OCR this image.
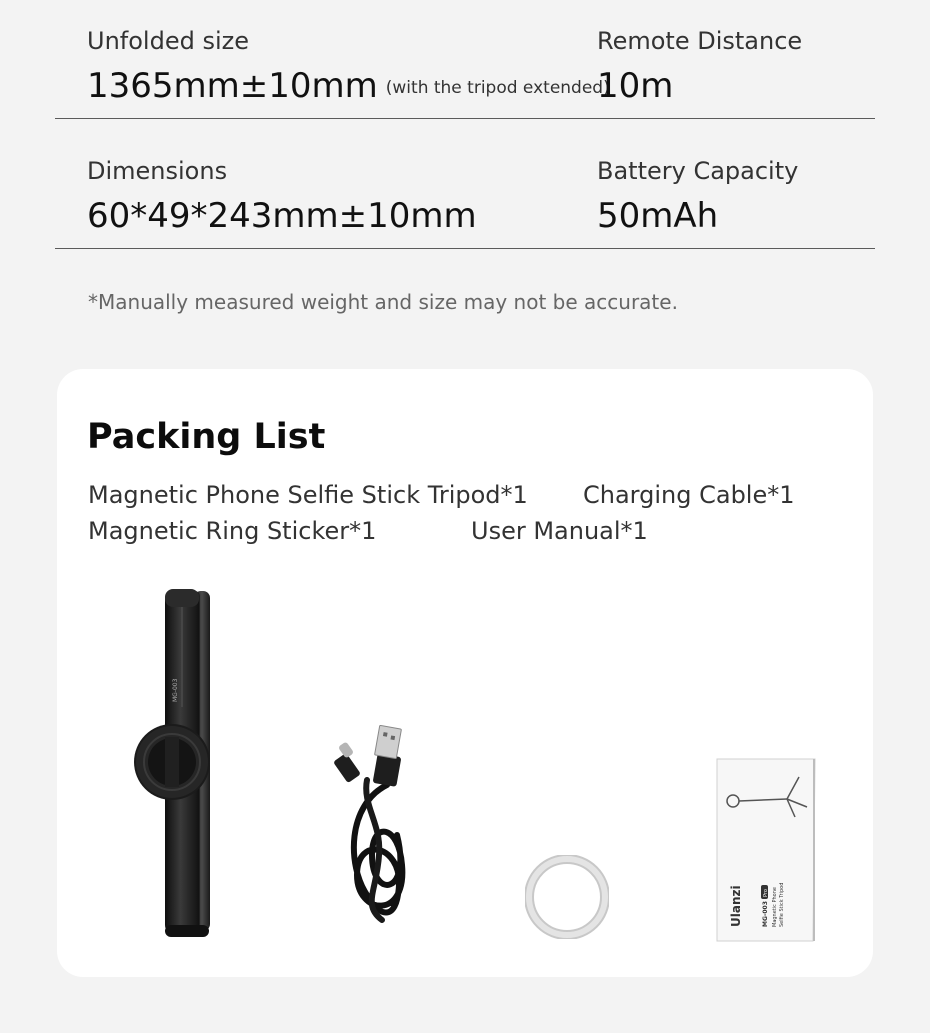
Unfolded size
1365mm±10mm (with the tripod extended)
Remote Distance
10m
Dimensions
60*49*243mm±10mm
Battery Capacity
50mAh
*Manually measured weight and size may not be accurate.
Packing List
Magnetic Phone Selfie Stick Tripod*1 Charging Cable*1
Magnetic Ring Sticker*1	User Manual*1
MG-003
Ulanzi	MG-003
Pro Magnetic Phone Selfie Stick Tripod
